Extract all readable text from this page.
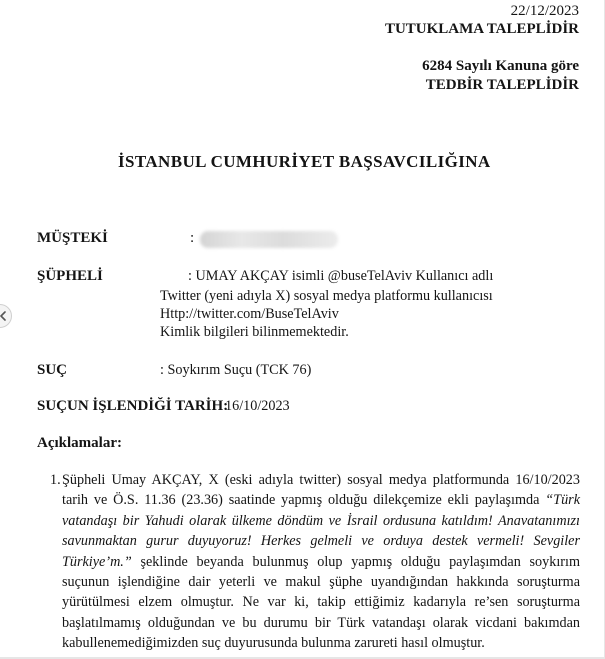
22/12/2023
TUTUKLAMA TALEPLİDİR
6284 Sayılı Kanuna göre
TEDBİR TALEPLİDİR
İSTANBUL CUMHURİYET BAŞSAVCILIĞINA
MÜŞTEKİ	:
ŞÜPHELİ	: UMAY AKÇAY isimli @buseTelAviv Kullanıcı adlı
Twitter (yeni adıyla X) sosyal medya platformu kullanıcısı
Http://twitter.com/BuseTelAviv
Kimlik bilgileri bilinmemektedir.
SUÇ	: Soykırım Suçu (TCK 76)
SUÇUN İŞLENDİĞİ TARİH:
16/10/2023
Açıklamalar:
1. Şüpheli Umay AKÇAY, X (eski adıyla twitter) sosyal medya platformunda 16/10/2023 tarih ve Ö.S. 11.36 (23.36) saatinde yapmış olduğu dilekçemize ekli paylaşımda “Türk vatandaşı bir Yahudi olarak ülkeme döndüm ve İsrail ordusuna katıldım! Anavatanımızı savunmaktan gurur duyuyoruz! Herkes gelmeli ve orduya destek vermeli! Sevgiler Türkiye’m.” şeklinde beyanda bulunmuş olup yapmış olduğu paylaşımdan soykırım suçunun işlendiğine dair yeterli ve makul şüphe uyandığından hakkında soruşturma yürütülmesi elzem olmuştur. Ne var ki, takip ettiğimiz kadarıyla re’sen soruşturma başlatılmamış olduğundan ve bu durumu bir Türk vatandaşı olarak vicdani bakımdan kabullenemediğimizden suç duyurusunda bulunma zarureti hasıl olmuştur.
